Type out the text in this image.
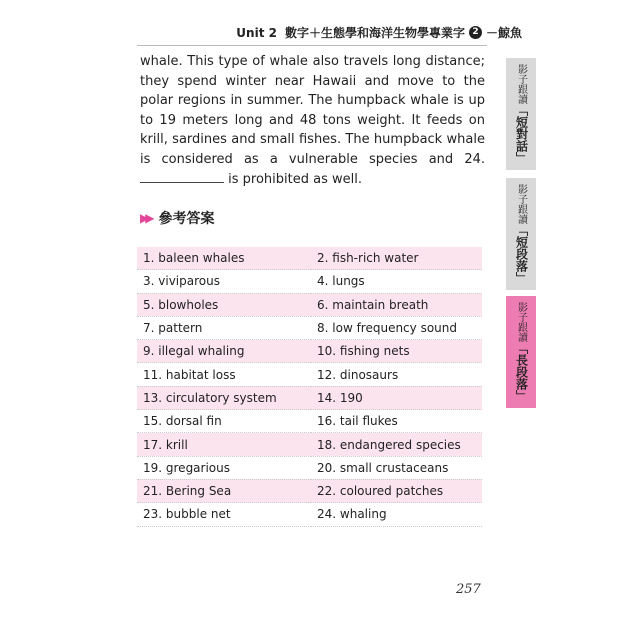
Unit 2 數字＋生態學和海洋生物學專業字 2 －鯨魚
whale. This type of whale also travels long distance; they spend winter near Hawaii and move to the polar regions in summer. The humpback whale is up to 19 meters long and 48 tons weight. It feeds on krill, sardines and small fishes. The humpback whale is considered as a vulnerable species and 24. is prohibited as well.
▶▶ 參考答案
1. baleen whales	2. fish-rich water
3. viviparous	4. lungs
5. blowholes	6. maintain breath
7. pattern	8. low frequency sound
9. illegal whaling	10. fishing nets
11. habitat loss	12. dinosaurs
13. circulatory system	14. 190
15. dorsal fin	16. tail flukes
17. krill	18. endangered species
19. gregarious	20. small crustaceans
21. Bering Sea	22. coloured patches
23. bubble net	24. whaling
影子跟讀
「短對話」
影子跟讀
「短段落」
影子跟讀
「長段落」
257
